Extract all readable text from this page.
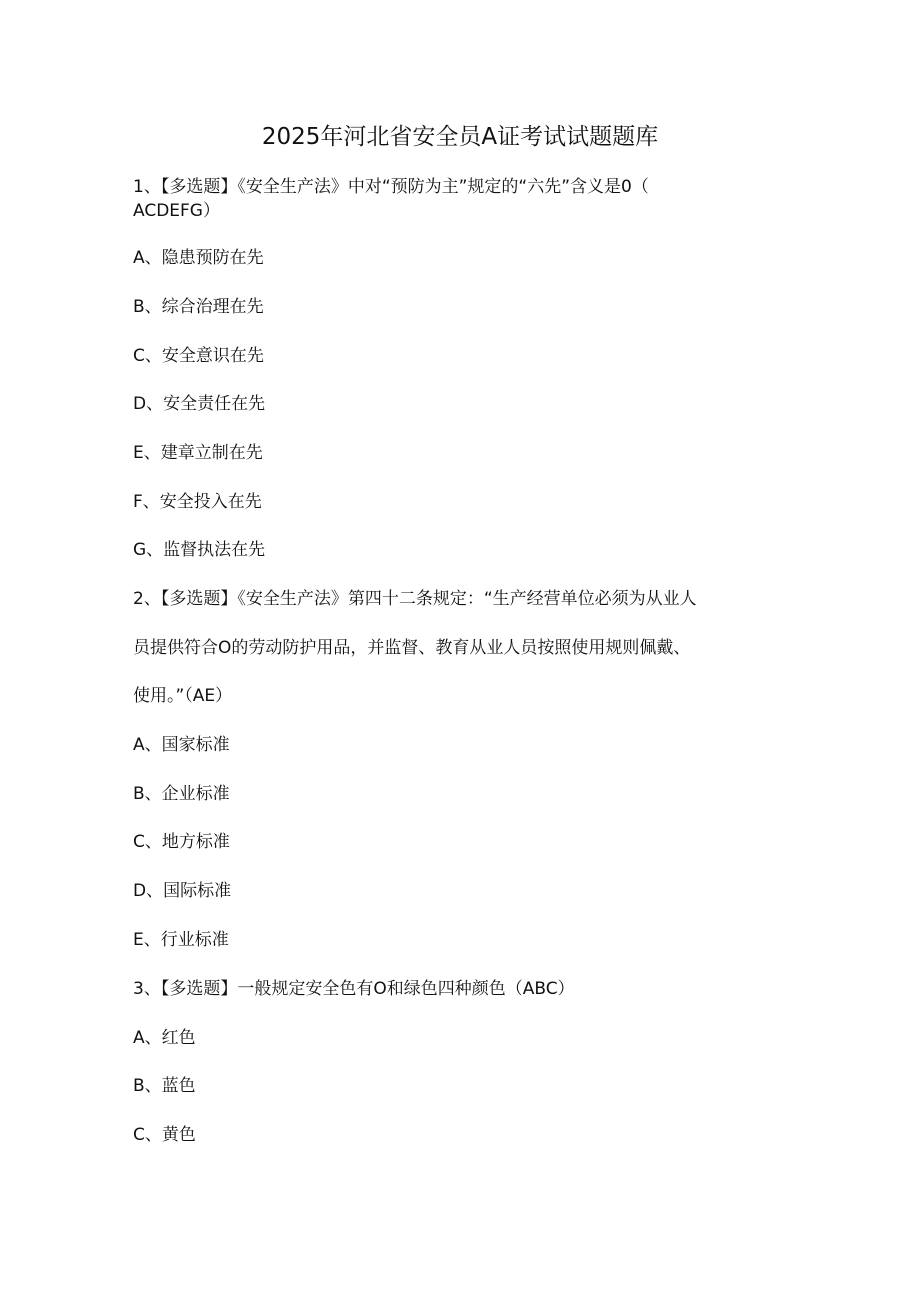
2025年河北省安全员A证考试试题题库
1、【多选题】《安全生产法》中对“预防为主”规定的“六先”含义是0（
ACDEFG）
A、隐患预防在先
B、综合治理在先
C、安全意识在先
D、安全责任在先
E、建章立制在先
F、安全投入在先
G、监督执法在先
2、【多选题】《安全生产法》第四十二条规定：“生产经营单位必须为从业人
员提供符合O的劳动防护用品，并监督、教育从业人员按照使用规则佩戴、
使用。”（AE）
A、国家标准
B、企业标准
C、地方标准
D、国际标准
E、行业标准
3、【多选题】一般规定安全色有O和绿色四种颜色（ABC）
A、红色
B、蓝色
C、黄色
